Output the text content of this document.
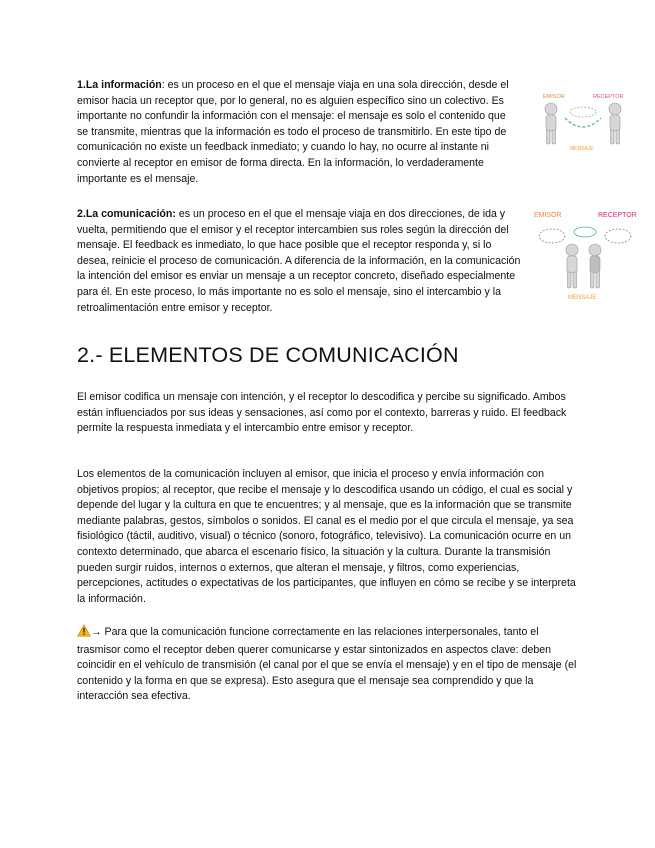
1.La información: es un proceso en el que el mensaje viaja en una sola dirección, desde el emisor hacia un receptor que, por lo general, no es alguien específico sino un colectivo. Es importante no confundir la información con el mensaje: el mensaje es solo el contenido que se transmite, mientras que la información es todo el proceso de transmitirlo. En este tipo de comunicación no existe un feedback inmediato; y cuando lo hay, no ocurre al instante ni convierte al receptor en emisor de forma directa. En la información, lo verdaderamente importante es el mensaje.

EMISOR	RECEPTOR
MENSAJE

2.La comunicación: es un proceso en el que el mensaje viaja en dos direcciones, de ida y vuelta, permitiendo que el emisor y el receptor intercambien sus roles según la dirección del mensaje. El feedback es inmediato, lo que hace posible que el receptor responda y, si lo desea, reinicie el proceso de comunicación. A diferencia de la información, en la comunicación la intención del emisor es enviar un mensaje a un receptor concreto, diseñado especialmente para él. En este proceso, lo más importante no es solo el mensaje, sino el intercambio y la retroalimentación entre emisor y receptor.

EMISOR	RECEPTOR
MENSAJE
2.- ELEMENTOS DE COMUNICACIÓN

El emisor codifica un mensaje con intención, y el receptor lo descodifica y percibe su significado. Ambos están influenciados por sus ideas y sensaciones, así como por el contexto, barreras y ruido. El feedback permite la respuesta inmediata y el intercambio entre emisor y receptor.

Los elementos de la comunicación incluyen al emisor, que inicia el proceso y envía información con objetivos propios; al receptor, que recibe el mensaje y lo descodifica usando un código, el cual es social y depende del lugar y la cultura en que te encuentres; y al mensaje, que es la información que se transmite mediante palabras, gestos, símbolos o sonidos. El canal es el medio por el que circula el mensaje, ya sea fisiológico (táctil, auditivo, visual) o técnico (sonoro, fotográfico, televisivo). La comunicación ocurre en un contexto determinado, que abarca el escenario físico, la situación y la cultura. Durante la transmisión pueden surgir ruidos, internos o externos, que alteran el mensaje, y filtros, como experiencias, percepciones, actitudes o expectativas de los participantes, que influyen en cómo se recibe y se interpreta la información.

→ Para que la comunicación funcione correctamente en las relaciones interpersonales, tanto el trasmisor como el receptor deben querer comunicarse y estar sintonizados en aspectos clave: deben coincidir en el vehículo de transmisión (el canal por el que se envía el mensaje) y en el tipo de mensaje (el contenido y la forma en que se expresa). Esto asegura que el mensaje sea comprendido y que la interacción sea efectiva.
